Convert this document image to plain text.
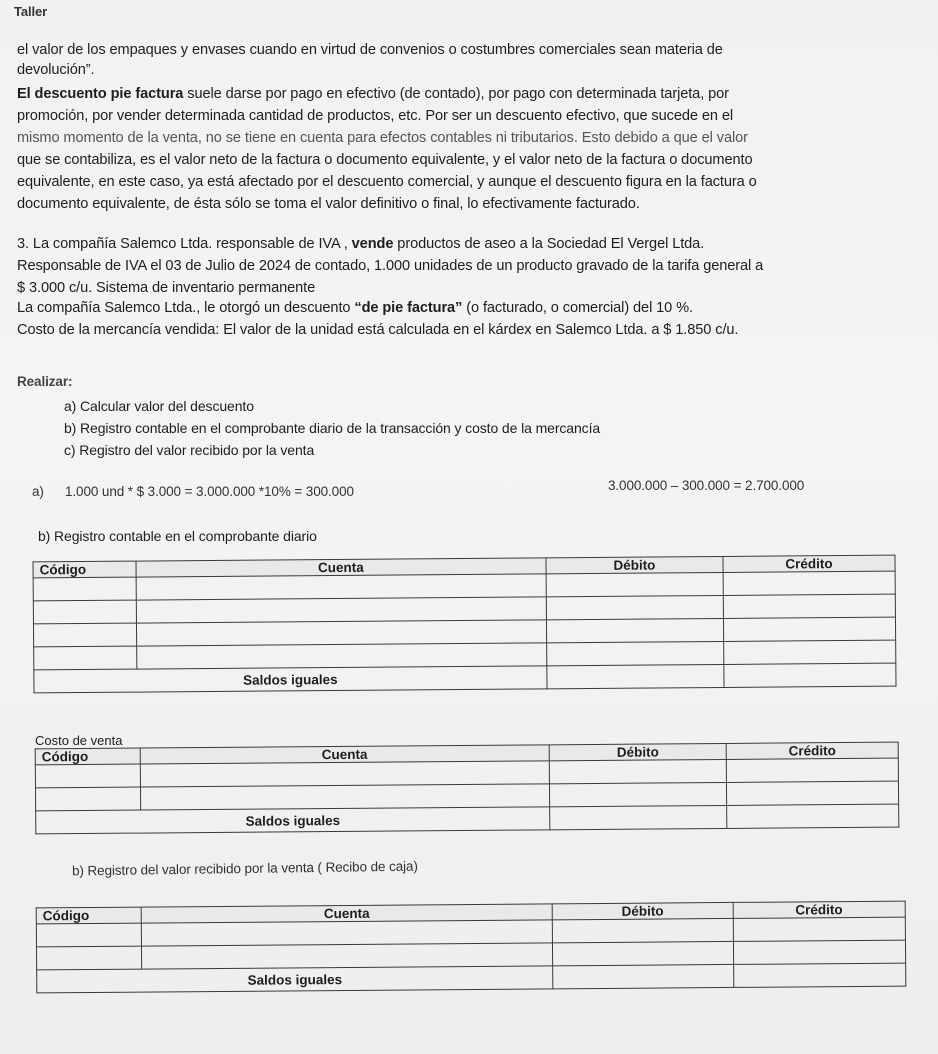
Taller
el valor de los empaques y envases cuando en virtud de convenios o costumbres comerciales sean materia de
devolución”.
El descuento pie factura suele darse por pago en efectivo (de contado), por pago con determinada tarjeta, por
promoción, por vender determinada cantidad de productos, etc. Por ser un descuento efectivo, que sucede en el
mismo momento de la venta, no se tiene en cuenta para efectos contables ni tributarios. Esto debido a que el valor
que se contabiliza, es el valor neto de la factura o documento equivalente, y el valor neto de la factura o documento
equivalente, en este caso, ya está afectado por el descuento comercial, y aunque el descuento figura en la factura o
documento equivalente, de ésta sólo se toma el valor definitivo o final, lo efectivamente facturado.
3. La compañía Salemco Ltda. responsable de IVA , vende productos de aseo a la Sociedad El Vergel Ltda.
Responsable de IVA el 03 de Julio de 2024 de contado, 1.000 unidades de un producto gravado de la tarifa general a
$ 3.000 c/u. Sistema de inventario permanente
La compañía Salemco Ltda., le otorgó un descuento “de pie factura” (o facturado, o comercial) del 10 %.
Costo de la mercancía vendida: El valor de la unidad está calculada en el kárdex en Salemco Ltda. a $ 1.850 c/u.
Realizar:
a) Calcular valor del descuento
b) Registro contable en el comprobante diario de la transacción y costo de la mercancía
c) Registro del valor recibido por la venta
a) 1.000 und * $ 3.000 = 3.000.000 *10% = 300.000	3.000.000 – 300.000 = 2.700.000
b) Registro contable en el comprobante diario
Código	Cuenta	Débito	Crédito

Saldos iguales			
Costo de venta
Código	Cuenta	Débito	Crédito

Saldos iguales			
b) Registro del valor recibido por la venta ( Recibo de caja)
Código	Cuenta	Débito	Crédito

Saldos iguales			
